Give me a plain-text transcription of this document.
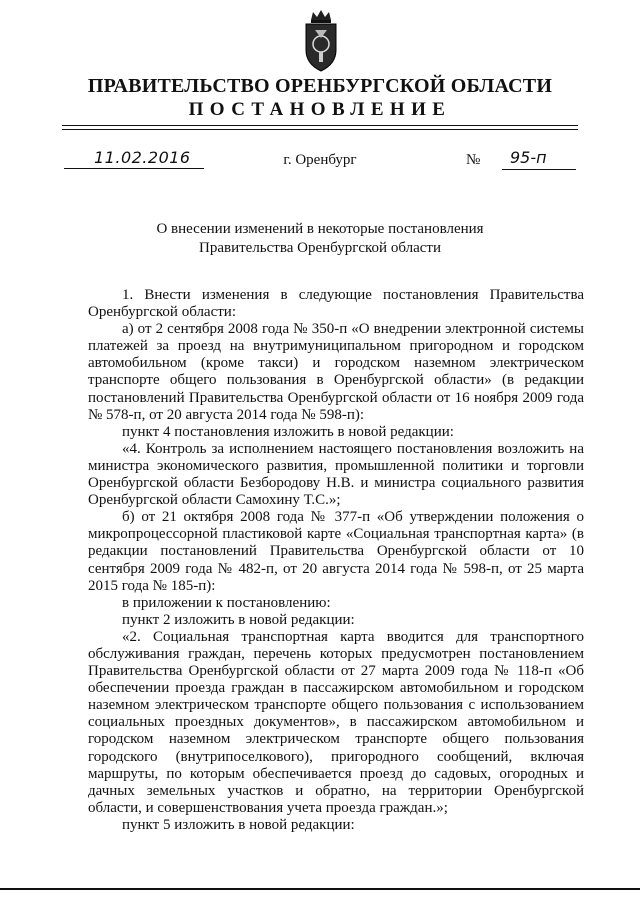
ПРАВИТЕЛЬСТВО ОРЕНБУРГСКОЙ ОБЛАСТИ
ПОСТАНОВЛЕНИЕ
11.02.2016	г. Оренбург	№ 95-п
О внесении изменений в некоторые постановления
Правительства Оренбургской области

1. Внести изменения в следующие постановления Правительства Оренбургской области:

а) от 2 сентября 2008 года № 350-п «О внедрении электронной системы платежей за проезд на внутримуниципальном пригородном и городском автомобильном (кроме такси) и городском наземном электрическом транспорте общего пользования в Оренбургской области» (в редакции постановлений Правительства Оренбургской области от 16 ноября 2009 года № 578-п, от 20 августа 2014 года № 598-п):

пункт 4 постановления изложить в новой редакции:

«4. Контроль за исполнением настоящего постановления возложить на министра экономического развития, промышленной политики и торговли Оренбургской области Безбородову Н.В. и министра социального развития Оренбургской области Самохину Т.С.»;

б) от 21 октября 2008 года № 377-п «Об утверждении положения о микропроцессорной пластиковой карте «Социальная транспортная карта» (в редакции постановлений Правительства Оренбургской области от 10 сентября 2009 года № 482-п, от 20 августа 2014 года № 598-п, от 25 марта 2015 года № 185-п):

в приложении к постановлению:

пункт 2 изложить в новой редакции:

«2. Социальная транспортная карта вводится для транспортного обслуживания граждан, перечень которых предусмотрен постановлением Правительства Оренбургской области от 27 марта 2009 года № 118-п «Об обеспечении проезда граждан в пассажирском автомобильном и городском наземном электрическом транспорте общего пользования с использованием социальных проездных документов», в пассажирском автомобильном и городском наземном электрическом транспорте общего пользования городского (внутрипоселкового), пригородного сообщений, включая маршруты, по которым обеспечивается проезд до садовых, огородных и дачных земельных участков и обратно, на территории Оренбургской области, и совершенствования учета проезда граждан.»;

пункт 5 изложить в новой редакции:
